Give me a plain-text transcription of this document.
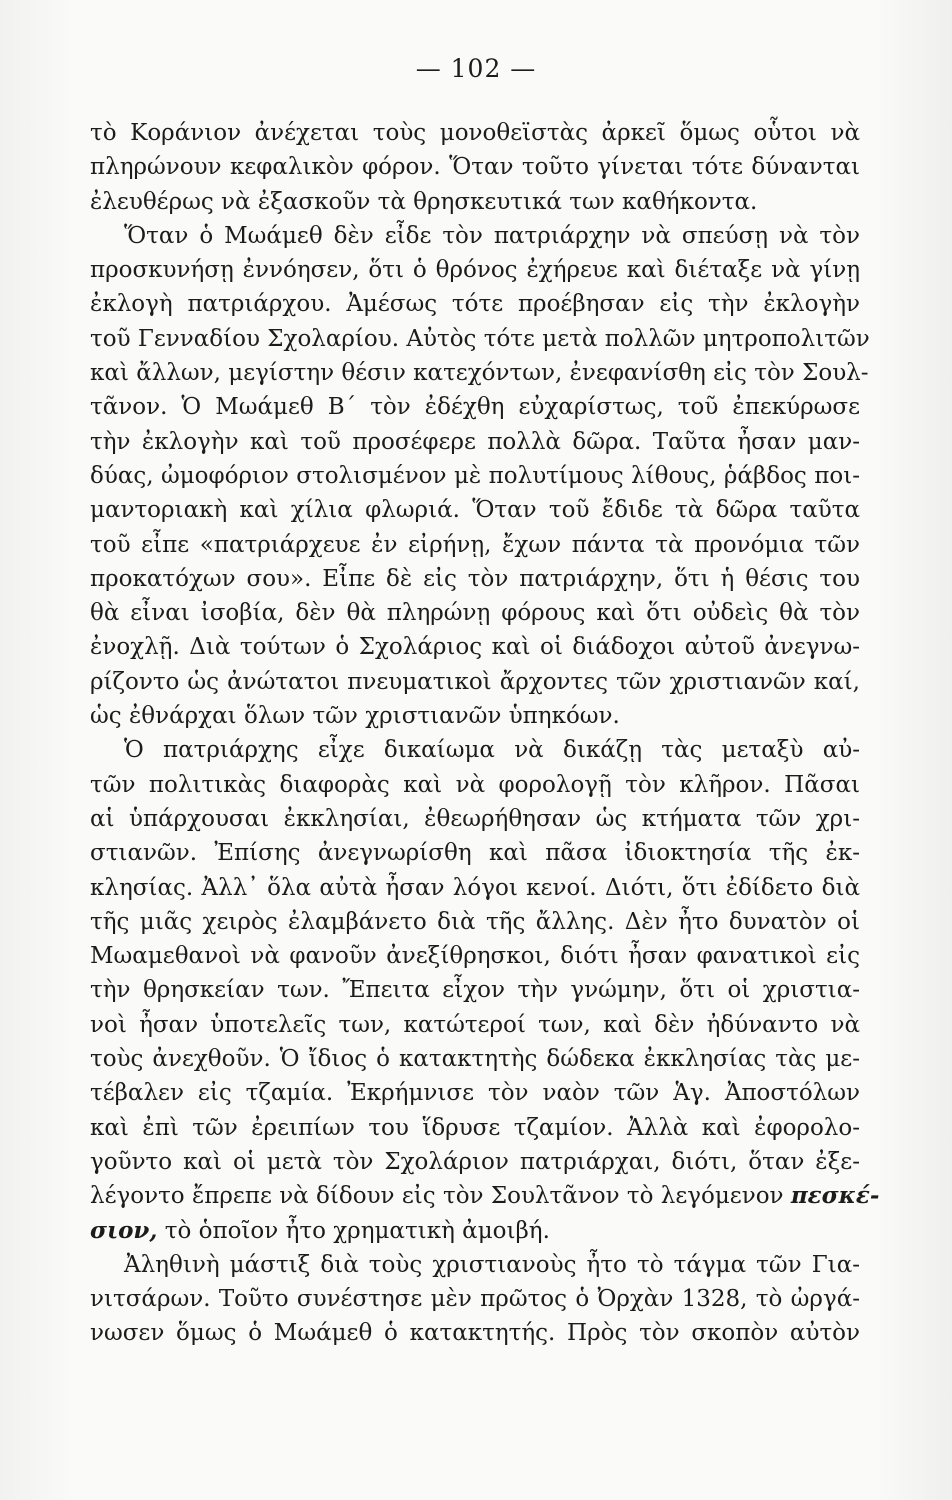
— 102 —
τὸ Κοράνιον ἀνέχεται τοὺς μονοθεϊστὰς ἀρκεῖ ὅμως οὗτοι νὰ
πληρώνουν κεφαλικὸν φόρον. Ὅταν τοῦτο γίνεται τότε δύνανται
ἐλευθέρως νὰ ἐξασκοῦν τὰ θρησκευτικά των καθήκοντα.
Ὅταν ὁ Μωάμεθ δὲν εἶδε τὸν πατριάρχην νὰ σπεύσῃ νὰ τὸν
προσκυνήσῃ ἐννόησεν, ὅτι ὁ θρόνος ἐχήρευε καὶ διέταξε νὰ γίνῃ
ἐκλογὴ πατριάρχου. Ἀμέσως τότε προέβησαν εἰς τὴν ἐκλογὴν
τοῦ Γενναδίου Σχολαρίου. Αὐτὸς τότε μετὰ πολλῶν μητροπολιτῶν
καὶ ἄλλων, μεγίστην θέσιν κατεχόντων, ἐνεφανίσθη εἰς τὸν Σουλ-
τᾶνον. Ὁ Μωάμεθ Β΄ τὸν ἐδέχθη εὐχαρίστως, τοῦ ἐπεκύρωσε
τὴν ἐκλογὴν καὶ τοῦ προσέφερε πολλὰ δῶρα. Ταῦτα ἦσαν μαν-
δύας, ὠμοφόριον στολισμένον μὲ πολυτίμους λίθους, ῥάβδος ποι-
μαντοριακὴ καὶ χίλια φλωριά. Ὅταν τοῦ ἔδιδε τὰ δῶρα ταῦτα
τοῦ εἶπε «πατριάρχευε ἐν εἰρήνῃ, ἔχων πάντα τὰ προνόμια τῶν
προκατόχων σου». Εἶπε δὲ εἰς τὸν πατριάρχην, ὅτι ἡ θέσις του
θὰ εἶναι ἰσοβία, δὲν θὰ πληρώνῃ φόρους καὶ ὅτι οὐδεὶς θὰ τὸν
ἐνοχλῇ. Διὰ τούτων ὁ Σχολάριος καὶ οἱ διάδοχοι αὐτοῦ ἀνεγνω-
ρίζοντο ὡς ἀνώτατοι πνευματικοὶ ἄρχοντες τῶν χριστιανῶν καί,
ὡς ἐθνάρχαι ὅλων τῶν χριστιανῶν ὑπηκόων.
Ὁ πατριάρχης εἶχε δικαίωμα νὰ δικάζῃ τὰς μεταξὺ αὐ-
τῶν πολιτικὰς διαφορὰς καὶ νὰ φορολογῇ τὸν κλῆρον. Πᾶσαι
αἱ ὑπάρχουσαι ἐκκλησίαι, ἐθεωρήθησαν ὡς κτήματα τῶν χρι-
στιανῶν. Ἐπίσης ἀνεγνωρίσθη καὶ πᾶσα ἰδιοκτησία τῆς ἐκ-
κλησίας. Ἀλλ᾽ ὅλα αὐτὰ ἦσαν λόγοι κενοί. Διότι, ὅτι ἐδίδετο διὰ
τῆς μιᾶς χειρὸς ἐλαμβάνετο διὰ τῆς ἄλλης. Δὲν ἦτο δυνατὸν οἱ
Μωαμεθανοὶ νὰ φανοῦν ἀνεξίθρησκοι, διότι ἦσαν φανατικοὶ εἰς
τὴν θρησκείαν των. Ἔπειτα εἶχον τὴν γνώμην, ὅτι οἱ χριστια-
νοὶ ἦσαν ὑποτελεῖς των, κατώτεροί των, καὶ δὲν ἠδύναντο νὰ
τοὺς ἀνεχθοῦν. Ὁ ἴδιος ὁ κατακτητὴς δώδεκα ἐκκλησίας τὰς με-
τέβαλεν εἰς τζαμία. Ἐκρήμνισε τὸν ναὸν τῶν Ἁγ. Ἀποστόλων
καὶ ἐπὶ τῶν ἐρειπίων του ἵδρυσε τζαμίον. Ἀλλὰ καὶ ἐφορολο-
γοῦντο καὶ οἱ μετὰ τὸν Σχολάριον πατριάρχαι, διότι, ὅταν ἐξε-
λέγοντο ἔπρεπε νὰ δίδουν εἰς τὸν Σουλτᾶνον τὸ λεγόμενον πεσκέ-
σιον, τὸ ὁποῖον ἦτο χρηματικὴ ἀμοιβή.
Ἀληθινὴ μάστιξ διὰ τοὺς χριστιανοὺς ἦτο τὸ τάγμα τῶν Για-
νιτσάρων. Τοῦτο συνέστησε μὲν πρῶτος ὁ Ὀρχὰν 1328, τὸ ὠργά-
νωσεν ὅμως ὁ Μωάμεθ ὁ κατακτητής. Πρὸς τὸν σκοπὸν αὐτὸν
